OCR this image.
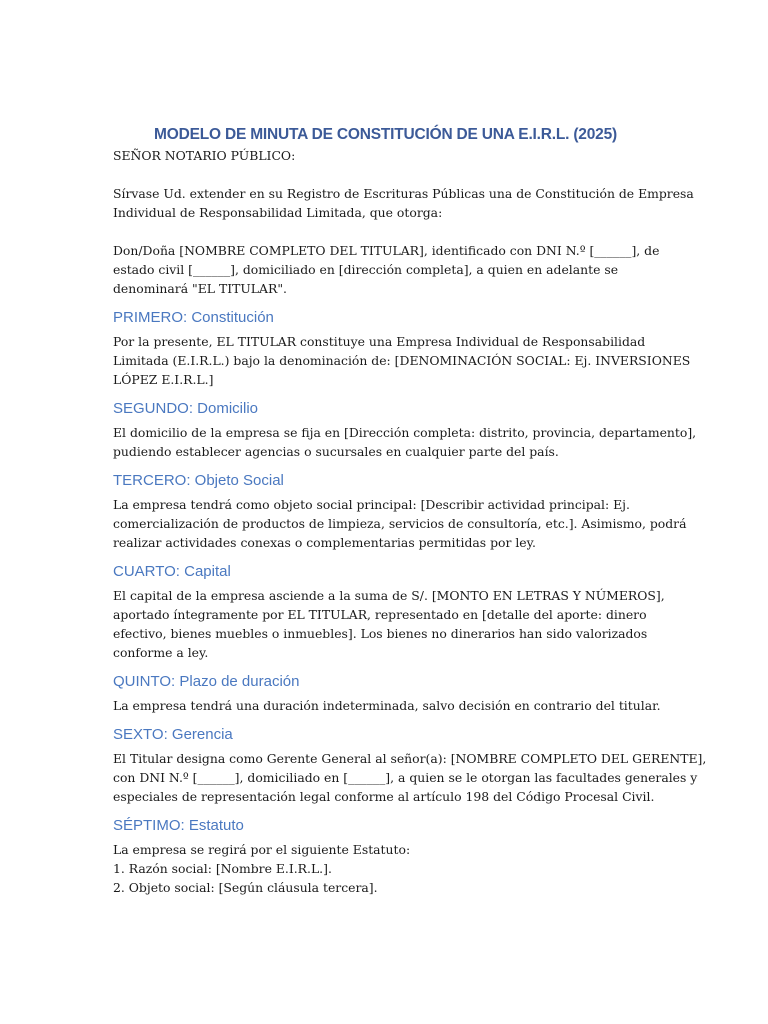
MODELO DE MINUTA DE CONSTITUCIÓN DE UNA E.I.R.L. (2025)

SEÑOR NOTARIO PÚBLICO:

Sírvase Ud. extender en su Registro de Escrituras Públicas una de Constitución de Empresa
Individual de Responsabilidad Limitada, que otorga:

Don/Doña [NOMBRE COMPLETO DEL TITULAR], identificado con DNI N.º [______], de
estado civil [______], domiciliado en [dirección completa], a quien en adelante se
denominará "EL TITULAR".

PRIMERO: Constitución

Por la presente, EL TITULAR constituye una Empresa Individual de Responsabilidad
Limitada (E.I.R.L.) bajo la denominación de: [DENOMINACIÓN SOCIAL: Ej. INVERSIONES
LÓPEZ E.I.R.L.]

SEGUNDO: Domicilio

El domicilio de la empresa se fija en [Dirección completa: distrito, provincia, departamento],
pudiendo establecer agencias o sucursales en cualquier parte del país.

TERCERO: Objeto Social

La empresa tendrá como objeto social principal: [Describir actividad principal: Ej.
comercialización de productos de limpieza, servicios de consultoría, etc.]. Asimismo, podrá
realizar actividades conexas o complementarias permitidas por ley.

CUARTO: Capital

El capital de la empresa asciende a la suma de S/. [MONTO EN LETRAS Y NÚMEROS],
aportado íntegramente por EL TITULAR, representado en [detalle del aporte: dinero
efectivo, bienes muebles o inmuebles]. Los bienes no dinerarios han sido valorizados
conforme a ley.

QUINTO: Plazo de duración

La empresa tendrá una duración indeterminada, salvo decisión en contrario del titular.

SEXTO: Gerencia

El Titular designa como Gerente General al señor(a): [NOMBRE COMPLETO DEL GERENTE],
con DNI N.º [______], domiciliado en [______], a quien se le otorgan las facultades generales y
especiales de representación legal conforme al artículo 198 del Código Procesal Civil.

SÉPTIMO: Estatuto

La empresa se regirá por el siguiente Estatuto:
1. Razón social: [Nombre E.I.R.L.].
2. Objeto social: [Según cláusula tercera].
